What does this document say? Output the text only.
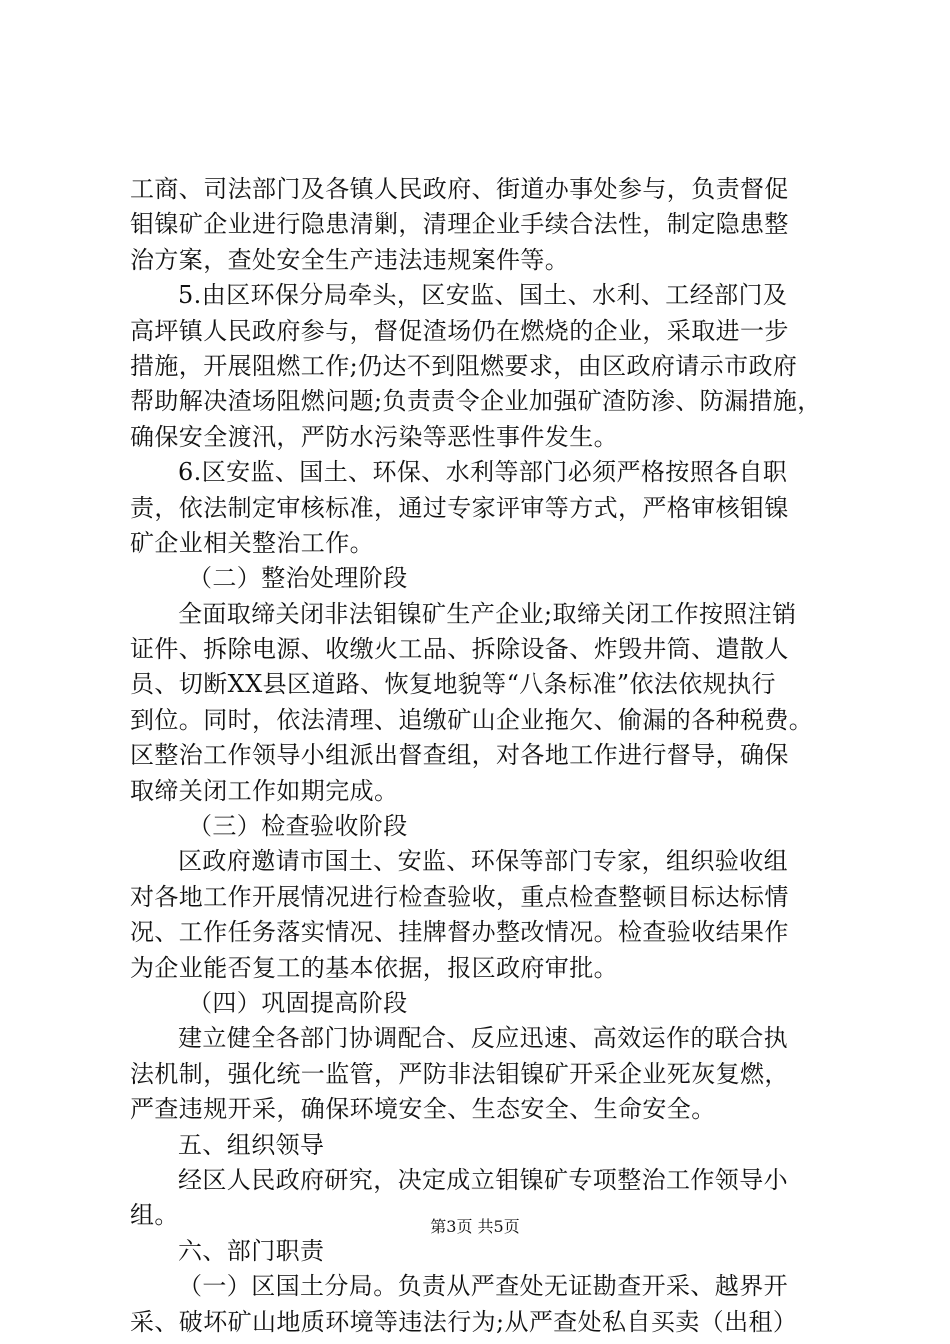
工商、司法部门及各镇人民政府、街道办事处参与，负责督促
钼镍矿企业进行隐患清剿，清理企业手续合法性，制定隐患整
治方案，查处安全生产违法违规案件等。
5.由区环保分局牵头，区安监、国土、水利、工经部门及
高坪镇人民政府参与，督促渣场仍在燃烧的企业，采取进一步
措施，开展阻燃工作;仍达不到阻燃要求，由区政府请示市政府
帮助解决渣场阻燃问题;负责责令企业加强矿渣防渗、防漏措施，
确保安全渡汛，严防水污染等恶性事件发生。
6.区安监、国土、环保、水利等部门必须严格按照各自职
责，依法制定审核标准，通过专家评审等方式，严格审核钼镍
矿企业相关整治工作。
（二）整治处理阶段
全面取缔关闭非法钼镍矿生产企业;取缔关闭工作按照注销
证件、拆除电源、收缴火工品、拆除设备、炸毁井筒、遣散人
员、切断XX县区道路、恢复地貌等“八条标准”依法依规执行
到位。同时，依法清理、追缴矿山企业拖欠、偷漏的各种税费。
区整治工作领导小组派出督查组，对各地工作进行督导，确保
取缔关闭工作如期完成。
（三）检查验收阶段
区政府邀请市国土、安监、环保等部门专家，组织验收组
对各地工作开展情况进行检查验收，重点检查整顿目标达标情
况、工作任务落实情况、挂牌督办整改情况。检查验收结果作
为企业能否复工的基本依据，报区政府审批。
（四）巩固提高阶段
建立健全各部门协调配合、反应迅速、高效运作的联合执
法机制，强化统一监管，严防非法钼镍矿开采企业死灰复燃，
严查违规开采，确保环境安全、生态安全、生命安全。
五、组织领导
经区人民政府研究，决定成立钼镍矿专项整治工作领导小
组。
六、部门职责
（一）区国土分局。负责从严查处无证勘查开采、越界开
采、破坏矿山地质环境等违法行为;从严查处私自买卖（出租）
第3页 共5页
